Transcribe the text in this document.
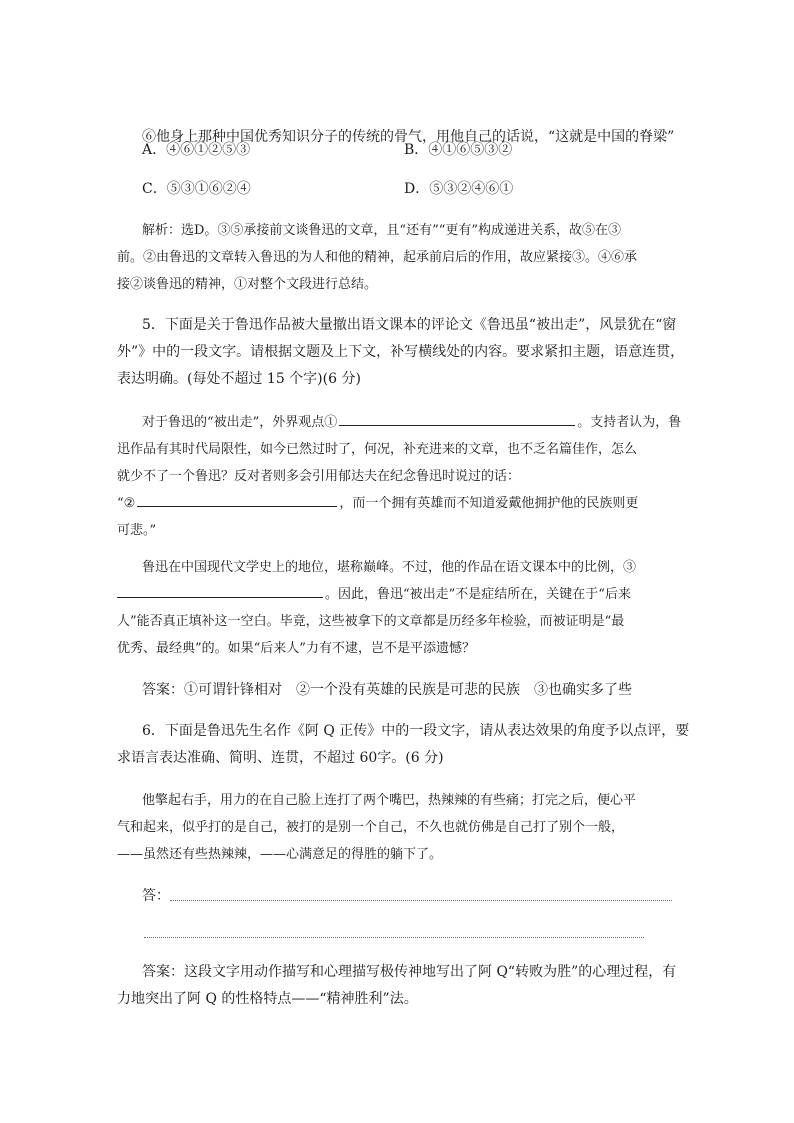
⑥他身上那种中国优秀知识分子的传统的骨气，用他自己的话说，“这就是中国的脊梁”
A．④⑥①②⑤③	B．④①⑥⑤③②
C．⑤③①⑥②④	D．⑤③②④⑥①
解析：选D。③⑤承接前文谈鲁迅的文章，且“还有”“更有”构成递进关系，故⑤在③
前。②由鲁迅的文章转入鲁迅的为人和他的精神，起承前启后的作用，故应紧接③。④⑥承
接②谈鲁迅的精神，①对整个文段进行总结。
5．下面是关于鲁迅作品被大量撤出语文课本的评论文《鲁迅虽“被出走”，风景犹在“窗
外”》中的一段文字。请根据文题及上下文，补写横线处的内容。要求紧扣主题，语意连贯，
表达明确。(每处不超过 15 个字)(6 分)
对于鲁迅的“被出走”，外界观点①	。支持者认为，鲁
迅作品有其时代局限性，如今已然过时了，何况，补充进来的文章，也不乏名篇佳作，怎么
就少不了一个鲁迅？反对者则多会引用郁达夫在纪念鲁迅时说过的话：
“②	，而一个拥有英雄而不知道爱戴他拥护他的民族则更
可悲。”
鲁迅在中国现代文学史上的地位，堪称巅峰。不过，他的作品在语文课本中的比例，③
。因此，鲁迅“被出走”不是症结所在，关键在于“后来
人”能否真正填补这一空白。毕竟，这些被拿下的文章都是历经多年检验，而被证明是“最
优秀、最经典”的。如果“后来人”力有不逮，岂不是平添遗憾？
答案：①可谓针锋相对　②一个没有英雄的民族是可悲的民族　③也确实多了些
6．下面是鲁迅先生名作《阿 Q 正传》中的一段文字，请从表达效果的角度予以点评，要
求语言表达准确、简明、连贯，不超过 60字。(6 分)
他擎起右手，用力的在自己脸上连打了两个嘴巴，热辣辣的有些痛；打完之后，便心平
气和起来，似乎打的是自己，被打的是别一个自己，不久也就仿佛是自己打了别个一般，
——虽然还有些热辣辣，——心满意足的得胜的躺下了。
答：
答案：这段文字用动作描写和心理描写极传神地写出了阿 Q“转败为胜”的心理过程，有
力地突出了阿 Q 的性格特点——“精神胜利”法。
